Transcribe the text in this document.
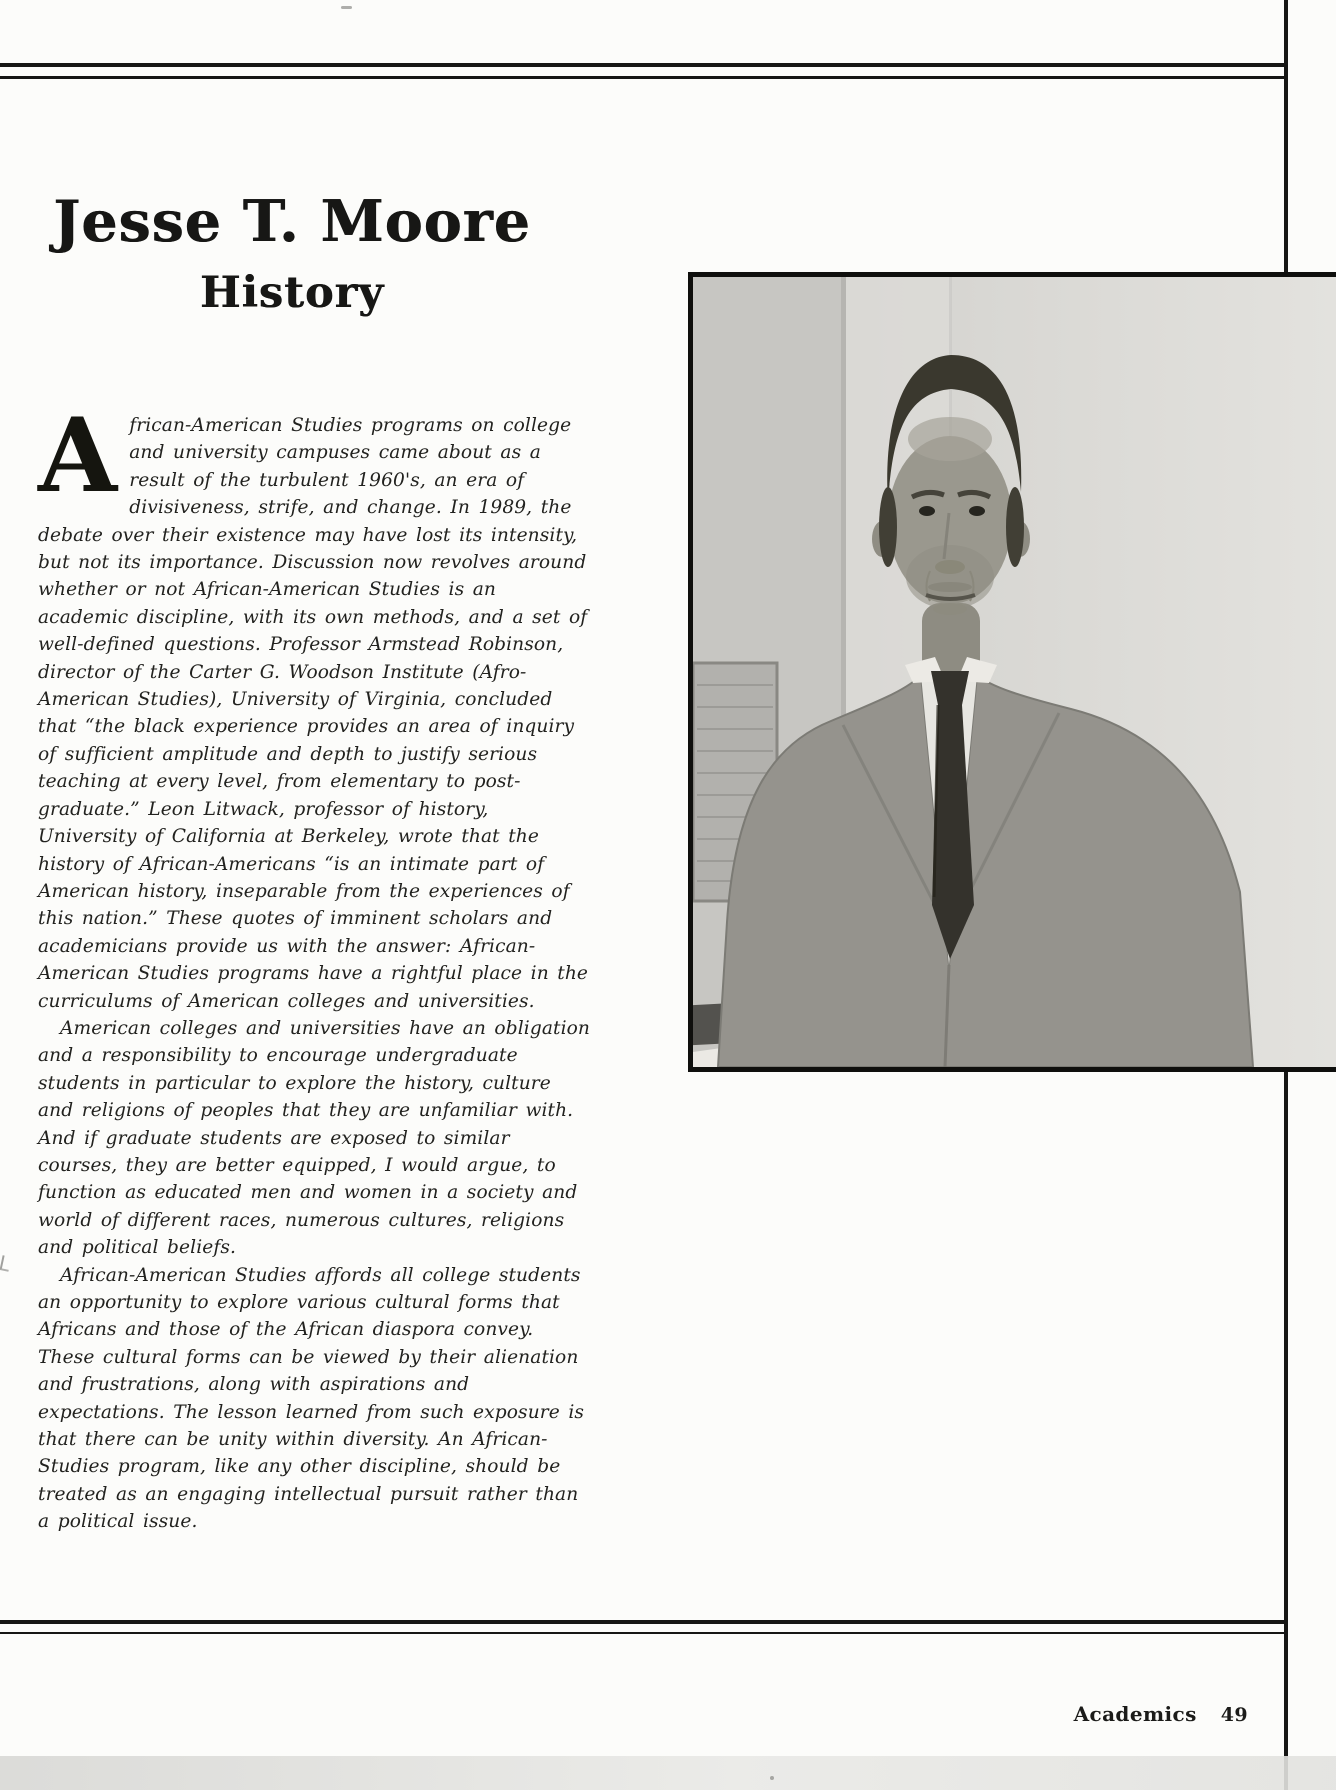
Jesse T. Moore
History
A frican-American Studies programs on college and university campuses came about as a result of the turbulent 1960's, an era of divisiveness, strife, and change. In 1989, the debate over their existence may have lost its intensity, but not its importance. Discussion now revolves around whether or not African-American Studies is an academic discipline, with its own methods, and a set of well-defined questions. Professor Armstead Robinson, director of the Carter G. Woodson Institute (Afro-American Studies), University of Virginia, concluded that “the black experience provides an area of inquiry of sufficient amplitude and depth to justify serious teaching at every level, from elementary to post-graduate.” Leon Litwack, professor of history, University of California at Berkeley, wrote that the history of African-Americans “is an intimate part of American history, inseparable from the experiences of this nation.” These quotes of imminent scholars and academicians provide us with the answer: African-American Studies programs have a rightful place in the curriculums of American colleges and universities.

American colleges and universities have an obligation and a responsibility to encourage undergraduate students in particular to explore the history, culture and religions of peoples that they are unfamiliar with. And if graduate students are exposed to similar courses, they are better equipped, I would argue, to function as educated men and women in a society and world of different races, numerous cultures, religions and political beliefs.

African-American Studies affords all college students an opportunity to explore various cultural forms that Africans and those of the African diaspora convey. These cultural forms can be viewed by their alienation and frustrations, along with aspirations and expectations. The lesson learned from such exposure is that there can be unity within diversity. An African-Studies program, like any other discipline, should be treated as an engaging intellectual pursuit rather than a political issue.

Academics 49
